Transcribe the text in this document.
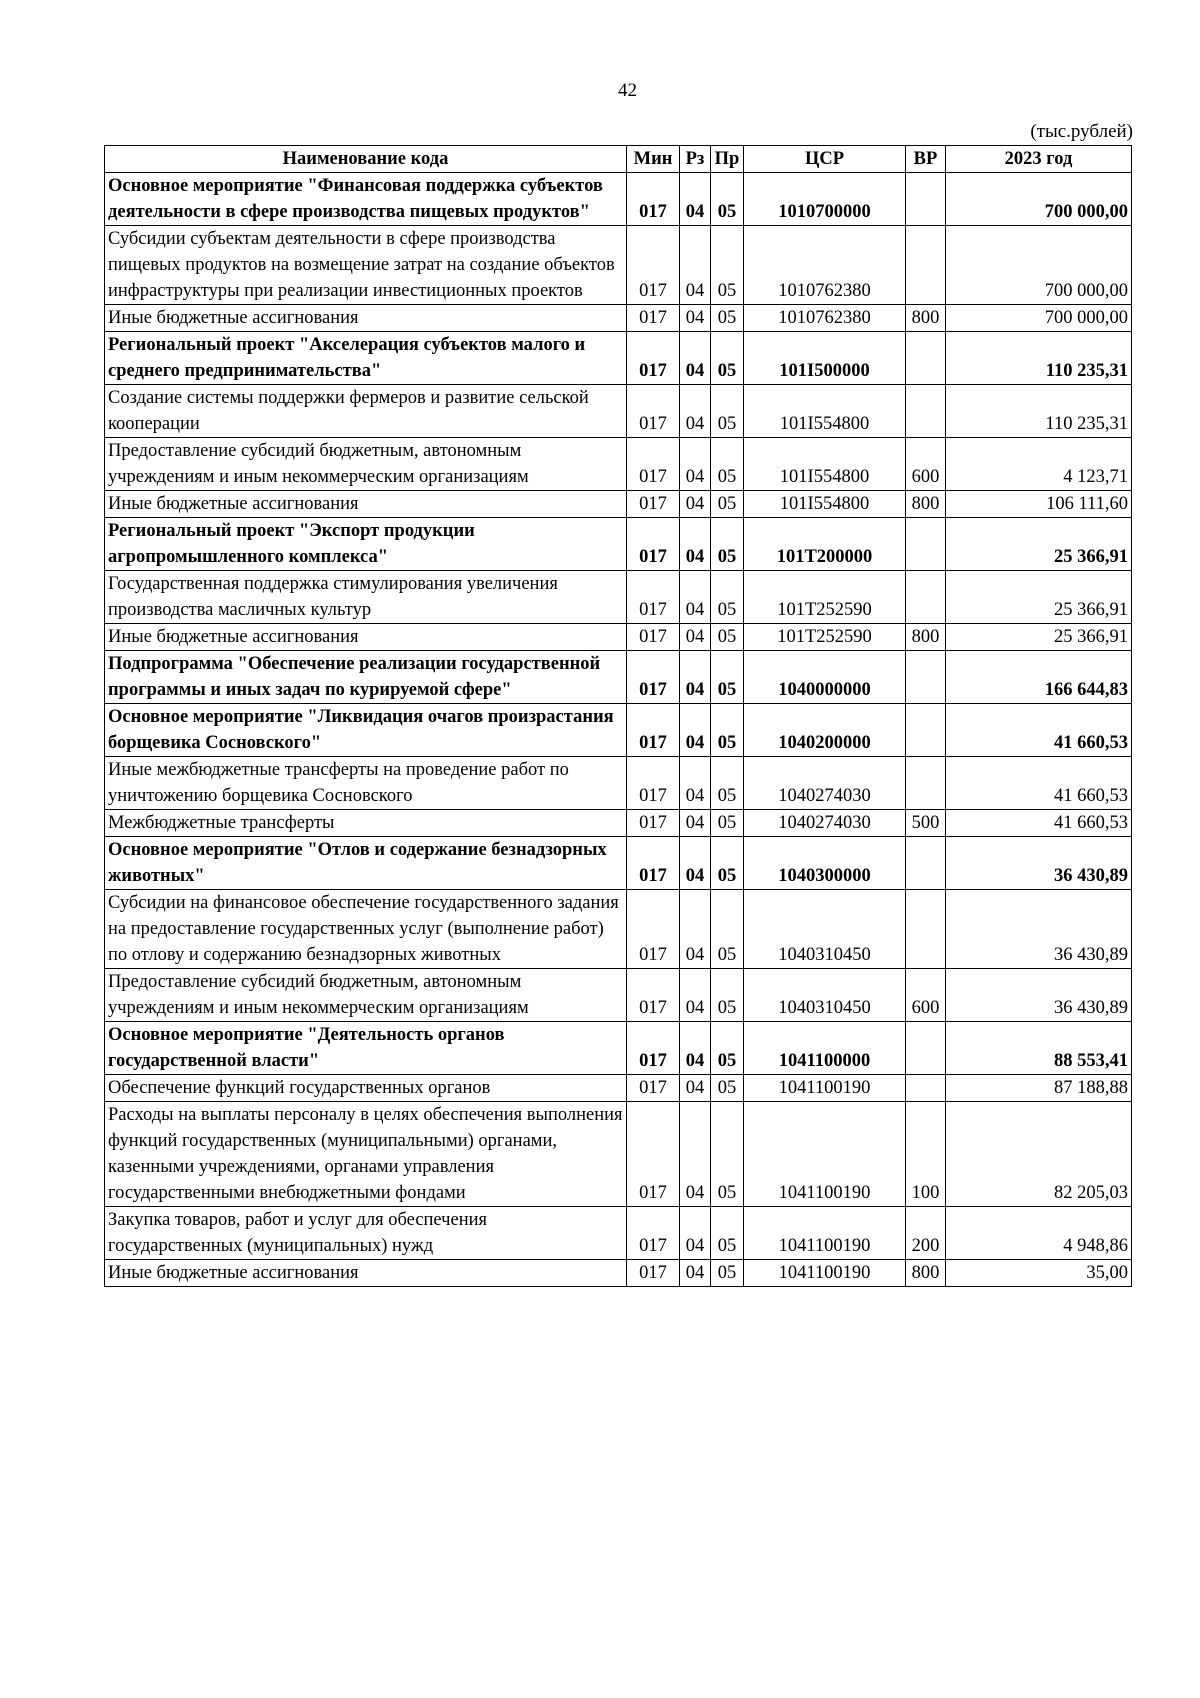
42
(тыс.рублей)
Наименование кода	Мин	Рз	Пр	ЦСР	ВР	2023 год
Основное мероприятие "Финансовая поддержка субъектов деятельности в сфере производства пищевых продуктов"	017	04	05	1010700000		700 000,00
Субсидии субъектам деятельности в сфере производства пищевых продуктов на возмещение затрат на создание объектов инфраструктуры при реализации инвестиционных проектов	017	04	05	1010762380		700 000,00
Иные бюджетные ассигнования	017	04	05	1010762380	800	700 000,00
Региональный проект "Акселерация субъектов малого и среднего предпринимательства"	017	04	05	101I500000		110 235,31
Создание системы поддержки фермеров и развитие сельской кооперации	017	04	05	101I554800		110 235,31
Предоставление субсидий бюджетным, автономным учреждениям и иным некоммерческим организациям	017	04	05	101I554800	600	4 123,71
Иные бюджетные ассигнования	017	04	05	101I554800	800	106 111,60
Региональный проект "Экспорт продукции агропромышленного комплекса"	017	04	05	101T200000		25 366,91
Государственная поддержка стимулирования увеличения производства масличных культур	017	04	05	101T252590		25 366,91
Иные бюджетные ассигнования	017	04	05	101T252590	800	25 366,91
Подпрограмма "Обеспечение реализации государственной программы и иных задач по курируемой сфере"	017	04	05	1040000000		166 644,83
Основное мероприятие "Ликвидация очагов произрастания борщевика Сосновского"	017	04	05	1040200000		41 660,53
Иные межбюджетные трансферты на проведение работ по уничтожению борщевика Сосновского	017	04	05	1040274030		41 660,53
Межбюджетные трансферты	017	04	05	1040274030	500	41 660,53
Основное мероприятие "Отлов и содержание безнадзорных животных"	017	04	05	1040300000		36 430,89
Субсидии на финансовое обеспечение государственного задания на предоставление государственных услуг (выполнение работ) по отлову и содержанию безнадзорных животных	017	04	05	1040310450		36 430,89
Предоставление субсидий бюджетным, автономным учреждениям и иным некоммерческим организациям	017	04	05	1040310450	600	36 430,89
Основное мероприятие "Деятельность органов государственной власти"	017	04	05	1041100000		88 553,41
Обеспечение функций государственных органов	017	04	05	1041100190		87 188,88
Расходы на выплаты персоналу в целях обеспечения выполнения функций государственных (муниципальными) органами, казенными учреждениями, органами управления государственными внебюджетными фондами	017	04	05	1041100190	100	82 205,03
Закупка товаров, работ и услуг для обеспечения государственных (муниципальных) нужд	017	04	05	1041100190	200	4 948,86
Иные бюджетные ассигнования	017	04	05	1041100190	800	35,00
